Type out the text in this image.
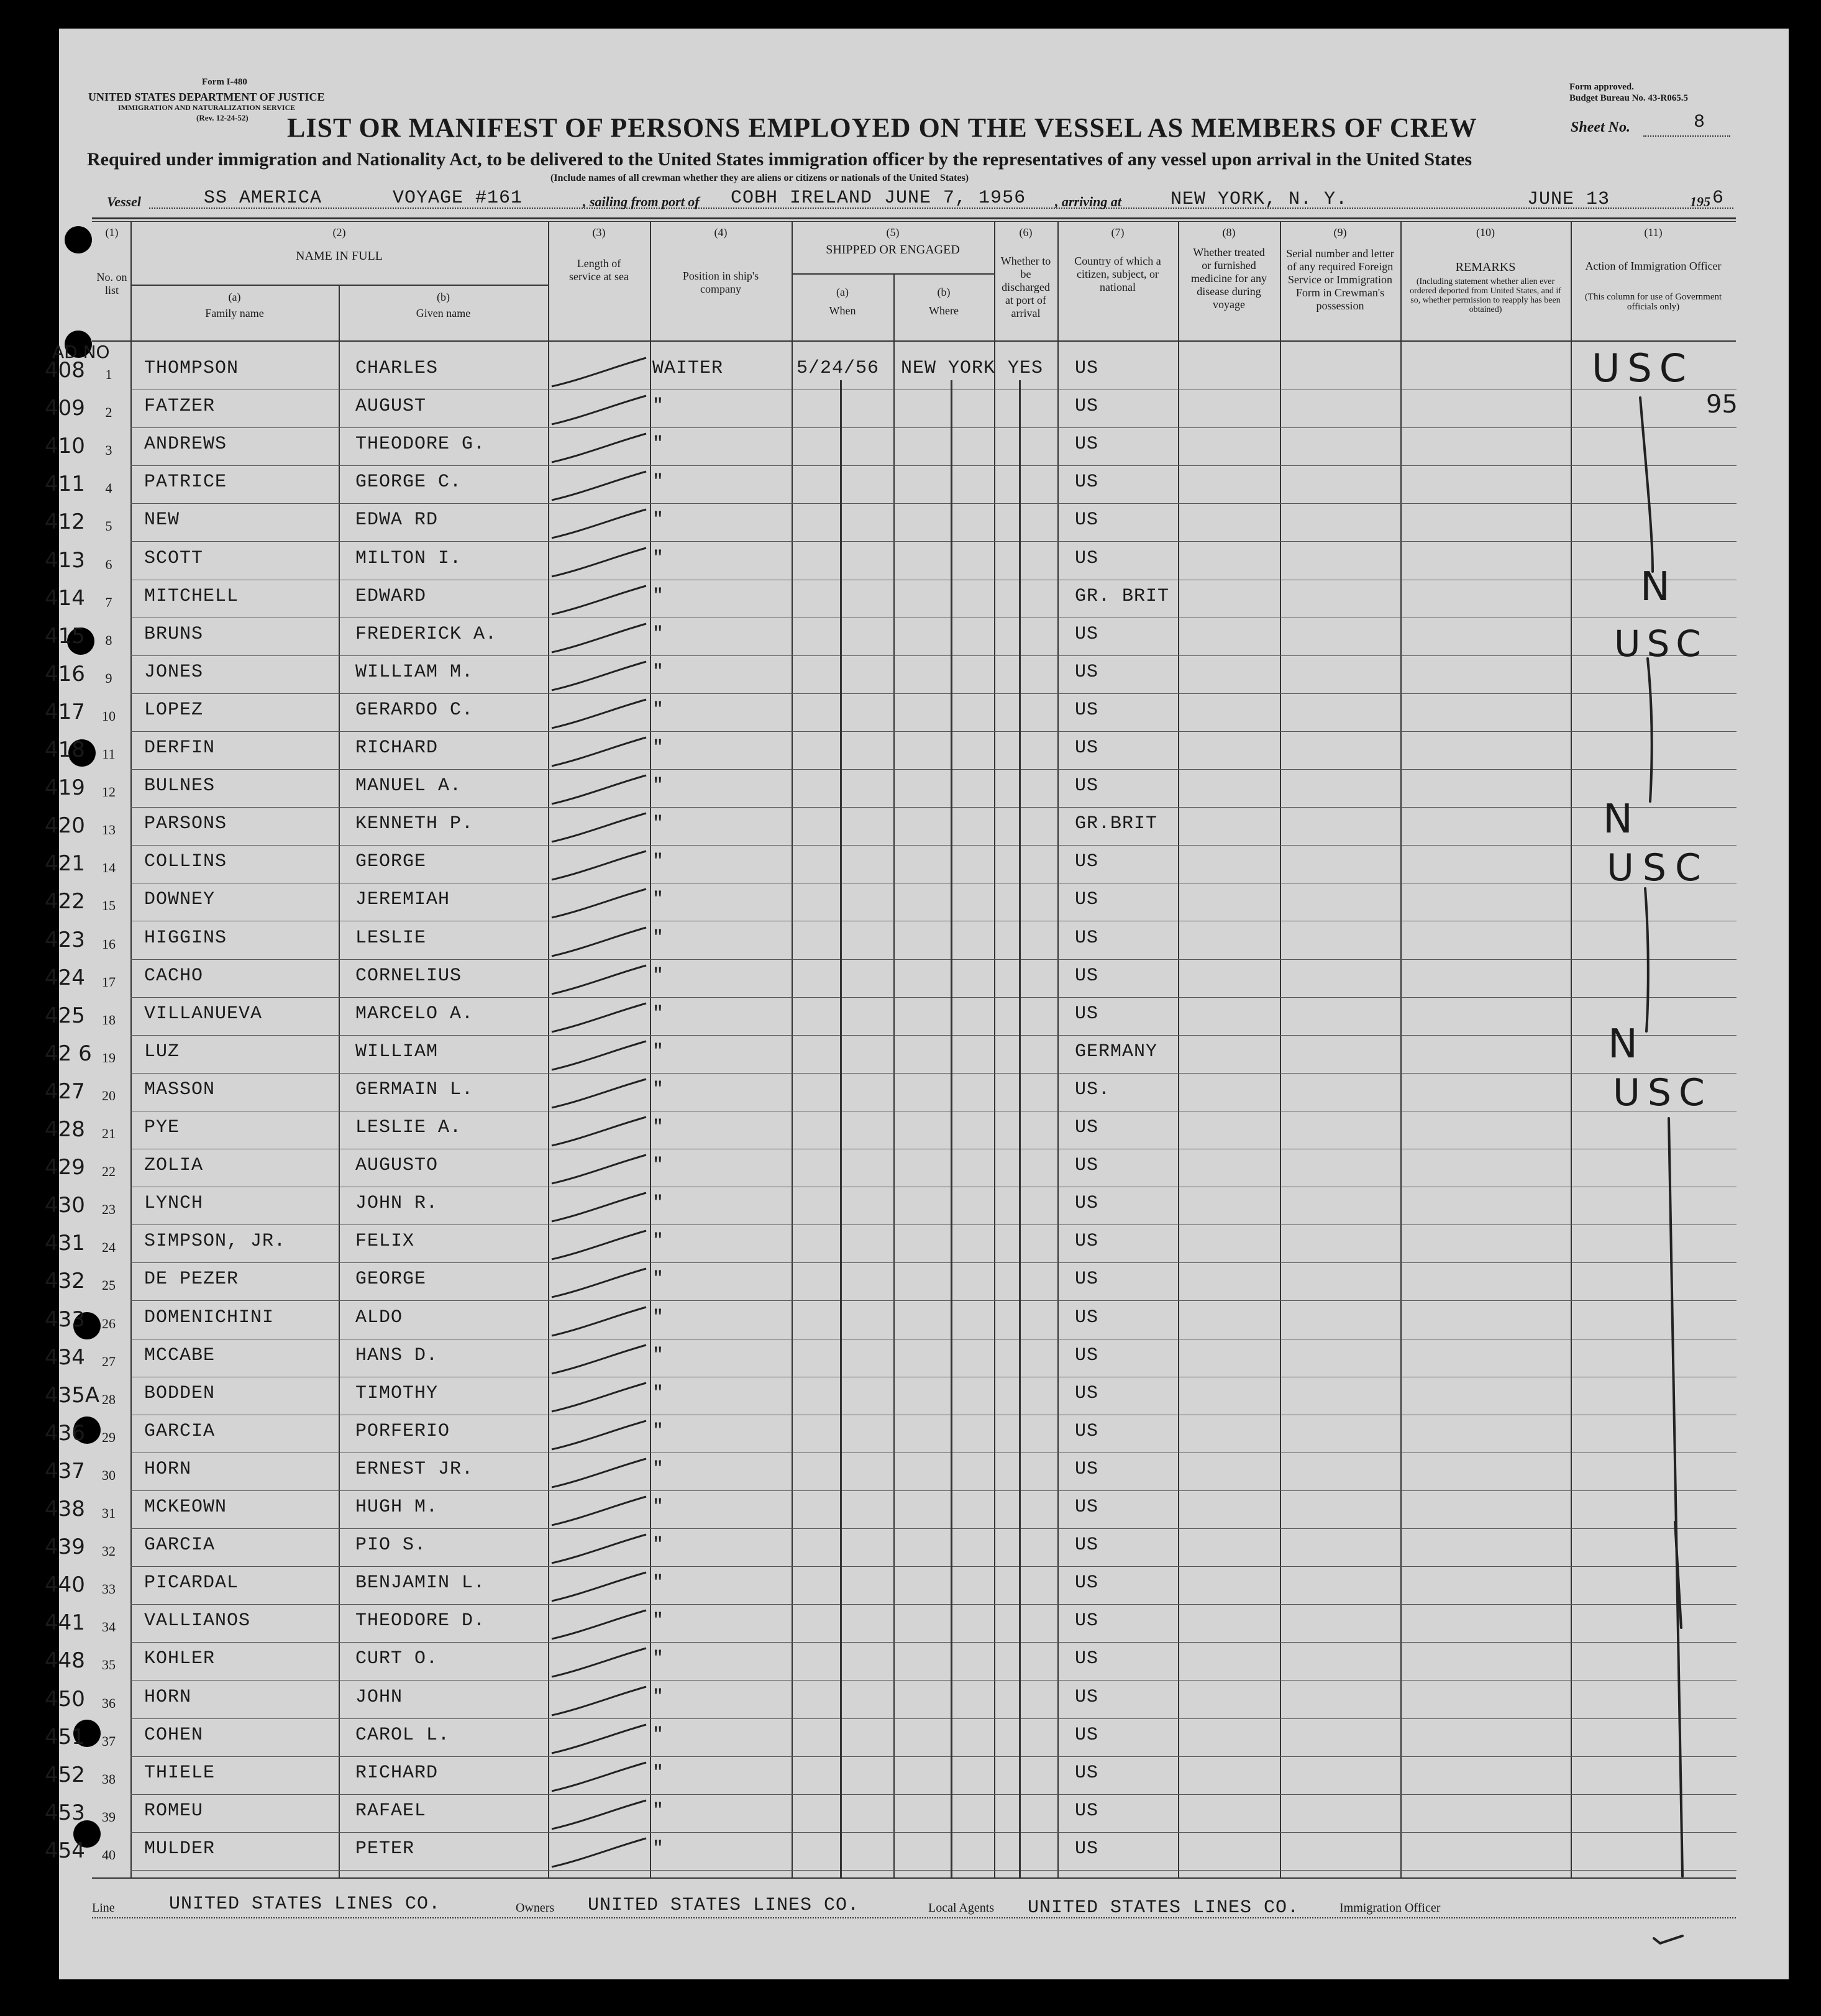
Form I-480
UNITED STATES DEPARTMENT OF JUSTICE
IMMIGRATION AND NATURALIZATION SERVICE
(Rev. 12-24-52)
Form approved.
Budget Bureau No. 43-R065.5
LIST OR MANIFEST OF PERSONS EMPLOYED ON THE VESSEL AS MEMBERS OF CREW	Sheet No.	8
Required under immigration and Nationality Act, to be delivered to the United States immigration officer by the representatives of any vessel upon arrival in the United States
(Include names of all crewman whether they are aliens or citizens or nationals of the United States)
Vessel	SS AMERICA	VOYAGE #161	, sailing from port of COBH IRELAND JUNE 7, 1956 , arriving at	NEW YORK, N. Y.	JUNE 13	195 6
(1)
No. on list
(2)
NAME IN FULL
(a)
Family name
(b)
Given name
(3)
Length of service at sea
(4)
Position in ship's company
(5)
SHIPPED OR ENGAGED
(a)
When
(b)
Where
(6)
Whether to be discharged at port of arrival
(7)
Country of which a citizen, subject, or national
(8)
Whether treated or furnished medicine for any disease during voyage
(9)
Serial number and letter of any required Foreign Service or Immigration Form in Crewman's possession
(10)
REMARKS
(Including statement whether alien ever ordered deported from United States, and if so, whether permission to reapply has been obtained)
(11)
Action of Immigration Officer
(This column for use of Government officials only)
AD NO
408	1	THOMPSON	CHARLES	WAITER	5/24/56 NEW YORK YES US
409	2	FATZER	AUGUST	"	US
410	3	ANDREWS	THEODORE G.	"	US
411	4	PATRICE	GEORGE C.	"	US
412	5	NEW	EDWA RD	"	US
413	6	SCOTT	MILTON I.	"	US
414	7	MITCHELL	EDWARD	"	GR. BRIT
415	8	BRUNS	FREDERICK A.	"	US
416	9	JONES	WILLIAM M.	"	US
417	10	LOPEZ	GERARDO C.	"	US
418	11	DERFIN	RICHARD	"	US
419	12	BULNES	MANUEL A.	"	US
420	13	PARSONS	KENNETH P.	"	GR.BRIT
421	14	COLLINS	GEORGE	"	US
422	15	DOWNEY	JEREMIAH	"	US
423	16	HIGGINS	LESLIE	"	US
424	17	CACHO	CORNELIUS	"	US
425	18	VILLANUEVA	MARCELO A.	"	US
42 6 19	LUZ	WILLIAM	"	GERMANY
427	20	MASSON	GERMAIN L.	"	US.
428	21	PYE	LESLIE A.	"	US
429	22	ZOLIA	AUGUSTO	"	US
430	23	LYNCH	JOHN R.	"	US
431	24	SIMPSON, JR.	FELIX	"	US
432	25	DE PEZER	GEORGE	"	US
433	26	DOMENICHINI	ALDO	"	US
434	27	MCCABE	HANS D.	"	US
435A 28	BODDEN	TIMOTHY	"	US
436	29	GARCIA	PORFERIO	"	US
437	30	HORN	ERNEST JR.	"	US
438	31	MCKEOWN	HUGH M.	"	US
439	32	GARCIA	PIO S.	"	US
440	33	PICARDAL	BENJAMIN L.	"	US
441	34	VALLIANOS	THEODORE D.	"	US
448	35	KOHLER	CURT O.	"	US
450	36	HORN	JOHN	"	US
451	37	COHEN	CAROL L.	"	US
452	38	THIELE	RICHARD	"	US
453	39	ROMEU	RAFAEL	"	US
454	40	MULDER	PETER	"	US
USC
95
N
USC
N
USC
N
USC
Line	UNITED STATES LINES CO.	Owners UNITED STATES LINES CO.	Local Agents UNITED STATES LINES CO.	Immigration Officer
